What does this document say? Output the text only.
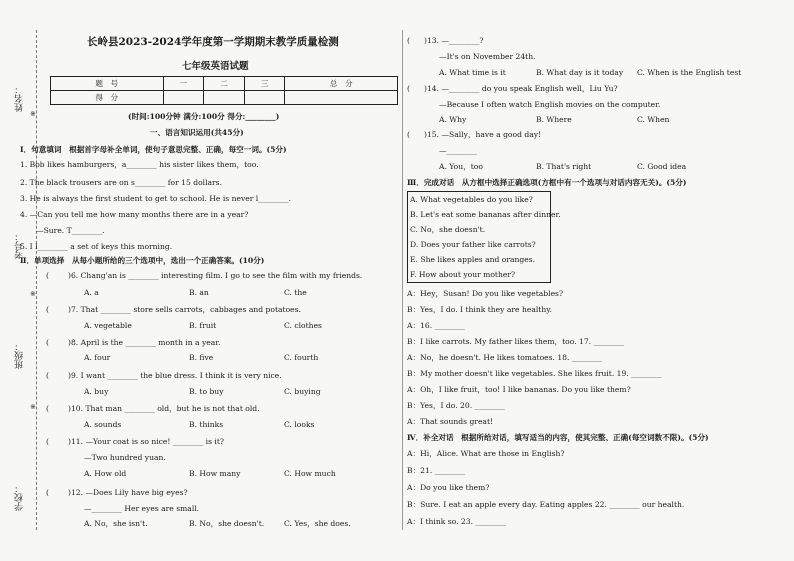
姓名：
考号：
班级：
学校：
※
※
※
长岭县2023-2024学年度第一学期期末教学质量检测
七年级英语试题
题　号	一	二	三	总　分
得　分				
(时间:100分钟 满分:100分 得分:________)
一、语言知识运用(共45分)
Ⅰ．句意填词　根据首字母补全单词，使句子意思完整、正确，每空一词。(5分)
1. Bob likes hamburgers，a________ his sister likes them，too.
2. The black trousers are on s________ for 15 dollars.
3. He is always the first student to get to school. He is never l________.
4. —Can you tell me how many months there are in a year?
—Sure. T________.
5. I l________ a set of keys this morning.
Ⅱ．单项选择　从每小题所给的三个选项中，选出一个正确答案。(10分)
(	)6. Chang'an is ________ interesting film. I go to see the film with my friends.
A. a	B. an	C. the
(	)7. That ________ store sells carrots，cabbages and potatoes.
A. vegetable	B. fruit	C. clothes
(	)8. April is the ________ month in a year.
A. four	B. five	C. fourth
(	)9. I want ________ the blue dress. I think it is very nice.
A. buy	B. to buy	C. buying
(	)10. That man ________ old，but he is not that old.
A. sounds	B. thinks	C. looks
(	)11. —Your coat is so nice! ________ is it?
—Two hundred yuan.
A. How old	B. How many	C. How much
(	)12. —Does Lily have big eyes?
—________ Her eyes are small.
A. No，she isn't.	B. No，she doesn't.	C. Yes，she does.
( )13. —________?
—It's on November 24th.
A. What time is it	B. What day is it today C. When is the English test
( )14. —________ do you speak English well，Liu Yu?
—Because I often watch English movies on the computer.
A. Why	B. Where	C. When
( )15. —Sally，have a good day!
—________
A. You，too	B. That's right	C. Good idea
Ⅲ．完成对话　从方框中选择正确选项(方框中有一个选项与对话内容无关)。(5分)
A. What vegetables do you like?
B. Let's eat some bananas after dinner.
C. No，she doesn't.
D. Does your father like carrots?
E. She likes apples and oranges.
F. How about your mother?
A：Hey，Susan! Do you like vegetables?
B：Yes，I do. I think they are healthy.
A：16. ________
B：I like carrots. My father likes them，too. 17. ________
A：No，he doesn't. He likes tomatoes. 18. ________
B：My mother doesn't like vegetables. She likes fruit. 19. ________
A：Oh，I like fruit，too! I like bananas. Do you like them?
B：Yes，I do. 20. ________
A：That sounds great!
Ⅳ．补全对话　根据所给对话，填写适当的内容，使其完整、正确(每空词数不限)。(5分)
A：Hi，Alice. What are those in English?
B：21. ________
A：Do you like them?
B：Sure. I eat an apple every day. Eating apples 22. ________ our health.
A：I think so. 23. ________
